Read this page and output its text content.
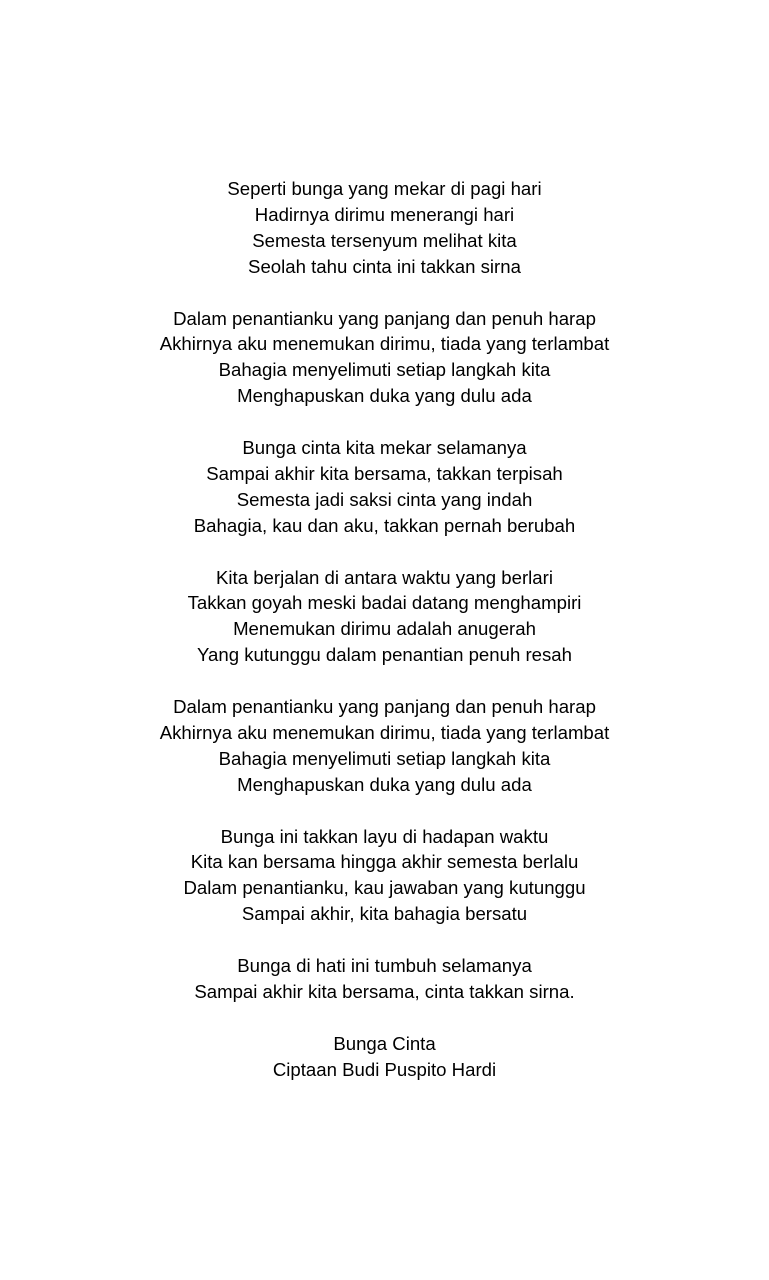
Seperti bunga yang mekar di pagi hari
Hadirnya dirimu menerangi hari
Semesta tersenyum melihat kita
Seolah tahu cinta ini takkan sirna
Dalam penantianku yang panjang dan penuh harap
Akhirnya aku menemukan dirimu, tiada yang terlambat
Bahagia menyelimuti setiap langkah kita
Menghapuskan duka yang dulu ada
Bunga cinta kita mekar selamanya
Sampai akhir kita bersama, takkan terpisah
Semesta jadi saksi cinta yang indah
Bahagia, kau dan aku, takkan pernah berubah
Kita berjalan di antara waktu yang berlari
Takkan goyah meski badai datang menghampiri
Menemukan dirimu adalah anugerah
Yang kutunggu dalam penantian penuh resah
Dalam penantianku yang panjang dan penuh harap
Akhirnya aku menemukan dirimu, tiada yang terlambat
Bahagia menyelimuti setiap langkah kita
Menghapuskan duka yang dulu ada
Bunga ini takkan layu di hadapan waktu
Kita kan bersama hingga akhir semesta berlalu
Dalam penantianku, kau jawaban yang kutunggu
Sampai akhir, kita bahagia bersatu
Bunga di hati ini tumbuh selamanya
Sampai akhir kita bersama, cinta takkan sirna.
Bunga Cinta
Ciptaan Budi Puspito Hardi
